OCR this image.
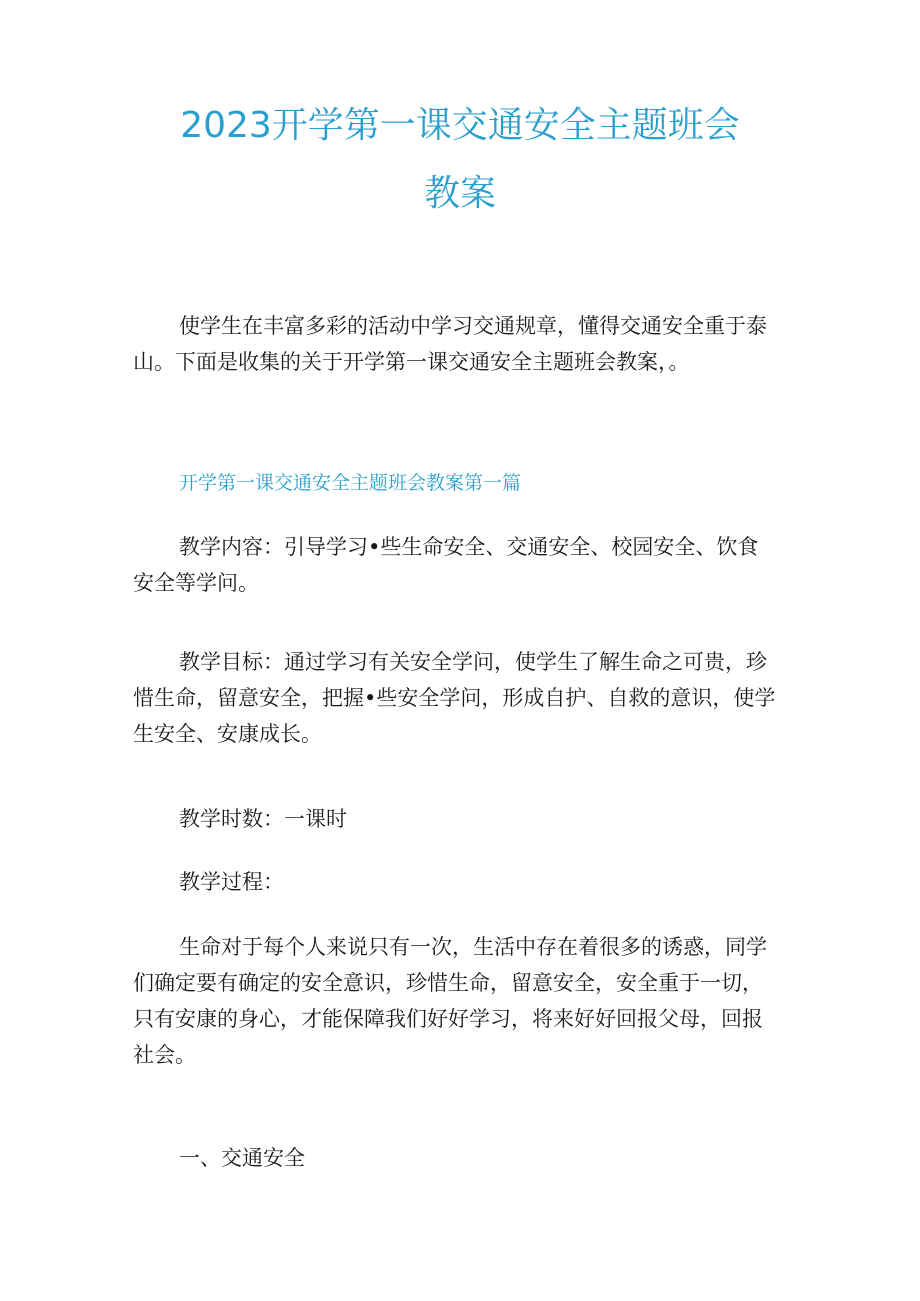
2023开学第一课交通安全主题班会
教案

使学生在丰富多彩的活动中学习交通规章，懂得交通安全重于泰
山。下面是收集的关于开学第一课交通安全主题班会教案，。

开学第一课交通安全主题班会教案第一篇

教学内容：引导学习•些生命安全、交通安全、校园安全、饮食
安全等学问。

教学目标：通过学习有关安全学问，使学生了解生命之可贵，珍
惜生命，留意安全，把握•些安全学问，形成自护、自救的意识，使学
生安全、安康成长。

教学时数：一课时

教学过程：

生命对于每个人来说只有一次，生活中存在着很多的诱惑，同学
们确定要有确定的安全意识，珍惜生命，留意安全，安全重于一切，
只有安康的身心，才能保障我们好好学习，将来好好回报父母，回报
社会。

一、交通安全
